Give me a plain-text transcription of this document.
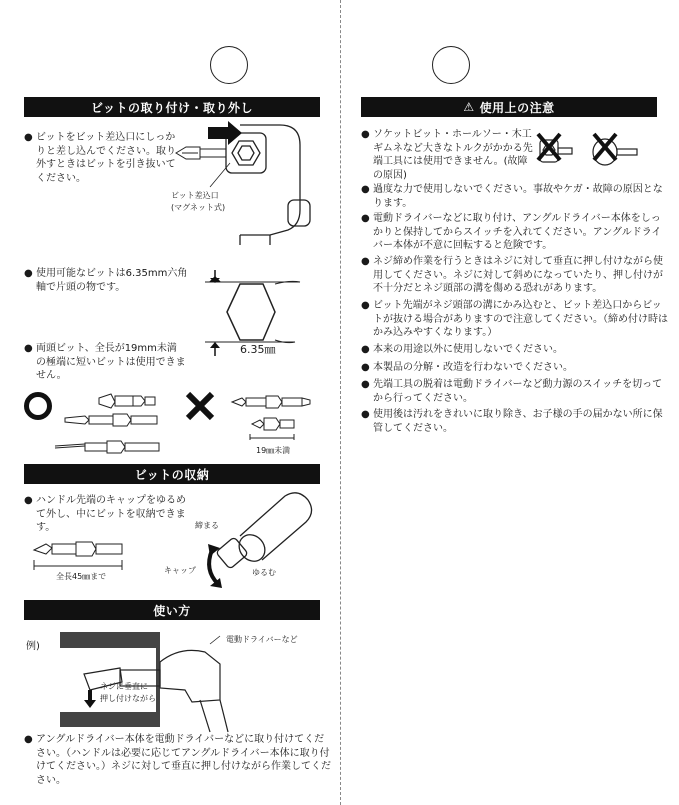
ビットの取り付け・取り外し
● ビットをビット差込口にしっかりと差し込んでください。取り外すときはビットを引き抜いてください。
ビット差込口
(マグネット式)
● 使用可能なビットは6.35mm六角軸で片頭の物です。
6.35㎜
● 両頭ビット、全長が19mm未満の極端に短いビットは使用できません。
19㎜未満
ビットの収納
● ハンドル先端のキャップをゆるめて外し、中にビットを収納できます。
全長45㎜まで
締まる
キャップ	ゆるむ
使い方
例)
電動ドライバーなど
ネジに垂直に
押し付けながら
● アングルドライバー本体を電動ドライバーなどに取り付けてください。（ハンドルは必要に応じてアングルドライバー本体に取り付けてください。）ネジに対して垂直に押し付けながら作業してください。
⚠ 使用上の注意
● ソケットビット・ホールソー・木工ギムネなど大きなトルクがかかる先端工具には使用できません。(故障の原因)
● 過度な力で使用しないでください。事故やケガ・故障の原因となります。
● 電動ドライバーなどに取り付け、アングルドライバー本体をしっかりと保持してからスイッチを入れてください。アングルドライバー本体が不意に回転すると危険です。
● ネジ締め作業を行うときはネジに対して垂直に押し付けながら使用してください。ネジに対して斜めになっていたり、押し付けが不十分だとネジ頭部の溝を傷める恐れがあります。
● ビット先端がネジ頭部の溝にかみ込むと、ビット差込口からビットが抜ける場合がありますので注意してください。（締め付け時はかみ込みやすくなります。）
● 本来の用途以外に使用しないでください。
● 本製品の分解・改造を行わないでください。
● 先端工具の脱着は電動ドライバーなど動力源のスイッチを切ってから行ってください。
● 使用後は汚れをきれいに取り除き、お子様の手の届かない所に保管してください。
